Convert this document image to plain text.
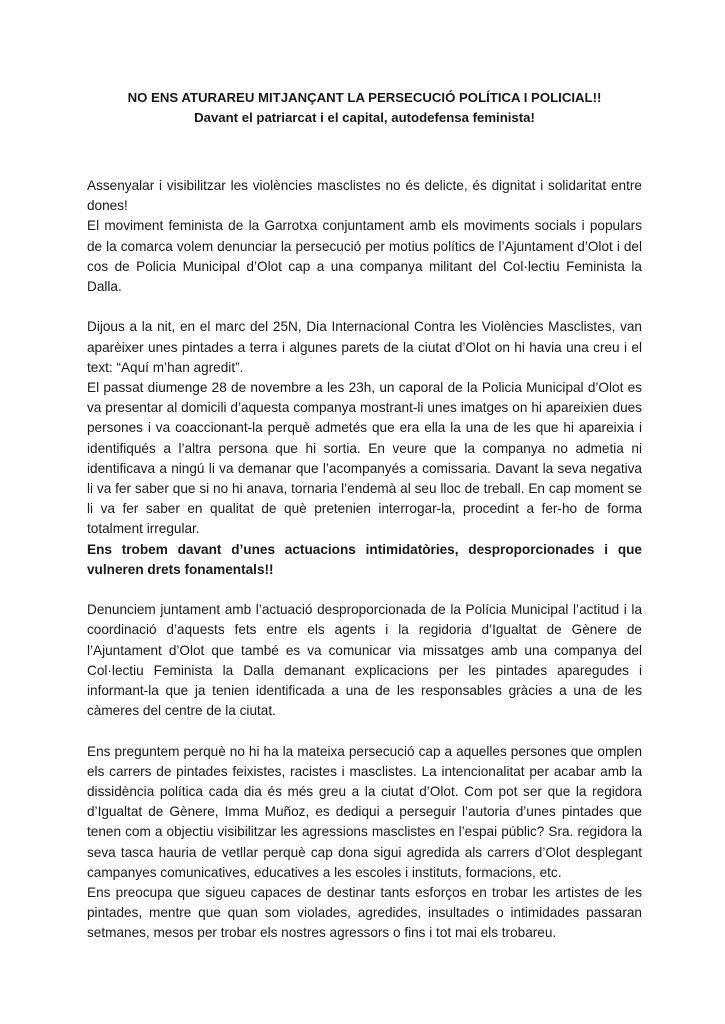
NO ENS ATURAREU MITJANÇANT LA PERSECUCIÓ POLÍTICA I POLICIAL!!
Davant el patriarcat i el capital, autodefensa feminista!

Assenyalar i visibilitzar les violències masclistes no és delicte, és dignitat i solidaritat entre dones!

El moviment feminista de la Garrotxa conjuntament amb els moviments socials i populars de la comarca volem denunciar la persecució per motius polítics de l’Ajuntament d’Olot i del cos de Policia Municipal d’Olot cap a una companya militant del Col·lectiu Feminista la Dalla.

Dijous a la nit, en el marc del 25N, Dia Internacional Contra les Violències Masclistes, van aparèixer unes pintades a terra i algunes parets de la ciutat d’Olot on hi havia una creu i el text: “Aquí m’han agredit”.

El passat diumenge 28 de novembre a les 23h, un caporal de la Policia Municipal d’Olot es va presentar al domicili d’aquesta companya mostrant-li unes imatges on hi apareixien dues persones i va coaccionant-la perquè admetés que era ella la una de les que hi apareixia i identifiqués a l’altra persona que hi sortia. En veure que la companya no admetia ni identificava a ningú li va demanar que l’acompanyés a comissaria. Davant la seva negativa li va fer saber que si no hi anava, tornaria l’endemà al seu lloc de treball. En cap moment se li va fer saber en qualitat de què pretenien interrogar-la, procedint a fer-ho de forma totalment irregular.

Ens trobem davant d’unes actuacions intimidatòries, desproporcionades i que vulneren drets fonamentals!!

Denunciem juntament amb l’actuació desproporcionada de la Polícia Municipal l’actitud i la coordinació d’aquests fets entre els agents i la regidoria d’Igualtat de Gènere de l’Ajuntament d’Olot que també es va comunicar via missatges amb una companya del Col·lectiu Feminista la Dalla demanant explicacions per les pintades aparegudes i informant-la que ja tenien identificada a una de les responsables gràcies a una de les càmeres del centre de la ciutat.

Ens preguntem perquè no hi ha la mateixa persecució cap a aquelles persones que omplen els carrers de pintades feixistes, racistes i masclistes. La intencionalitat per acabar amb la dissidència política cada dia és més greu a la ciutat d’Olot. Com pot ser que la regidora d’Igualtat de Gènere, Imma Muñoz, es dediqui a perseguir l’autoria d’unes pintades que tenen com a objectiu visibilitzar les agressions masclistes en l’espai públic? Sra. regidora la seva tasca hauria de vetllar perquè cap dona sigui agredida als carrers d’Olot desplegant campanyes comunicatives, educatives a les escoles i instituts, formacions, etc.

Ens preocupa que sigueu capaces de destinar tants esforços en trobar les artistes de les pintades, mentre que quan som violades, agredides, insultades o intimidades passaran setmanes, mesos per trobar els nostres agressors o fins i tot mai els trobareu.
